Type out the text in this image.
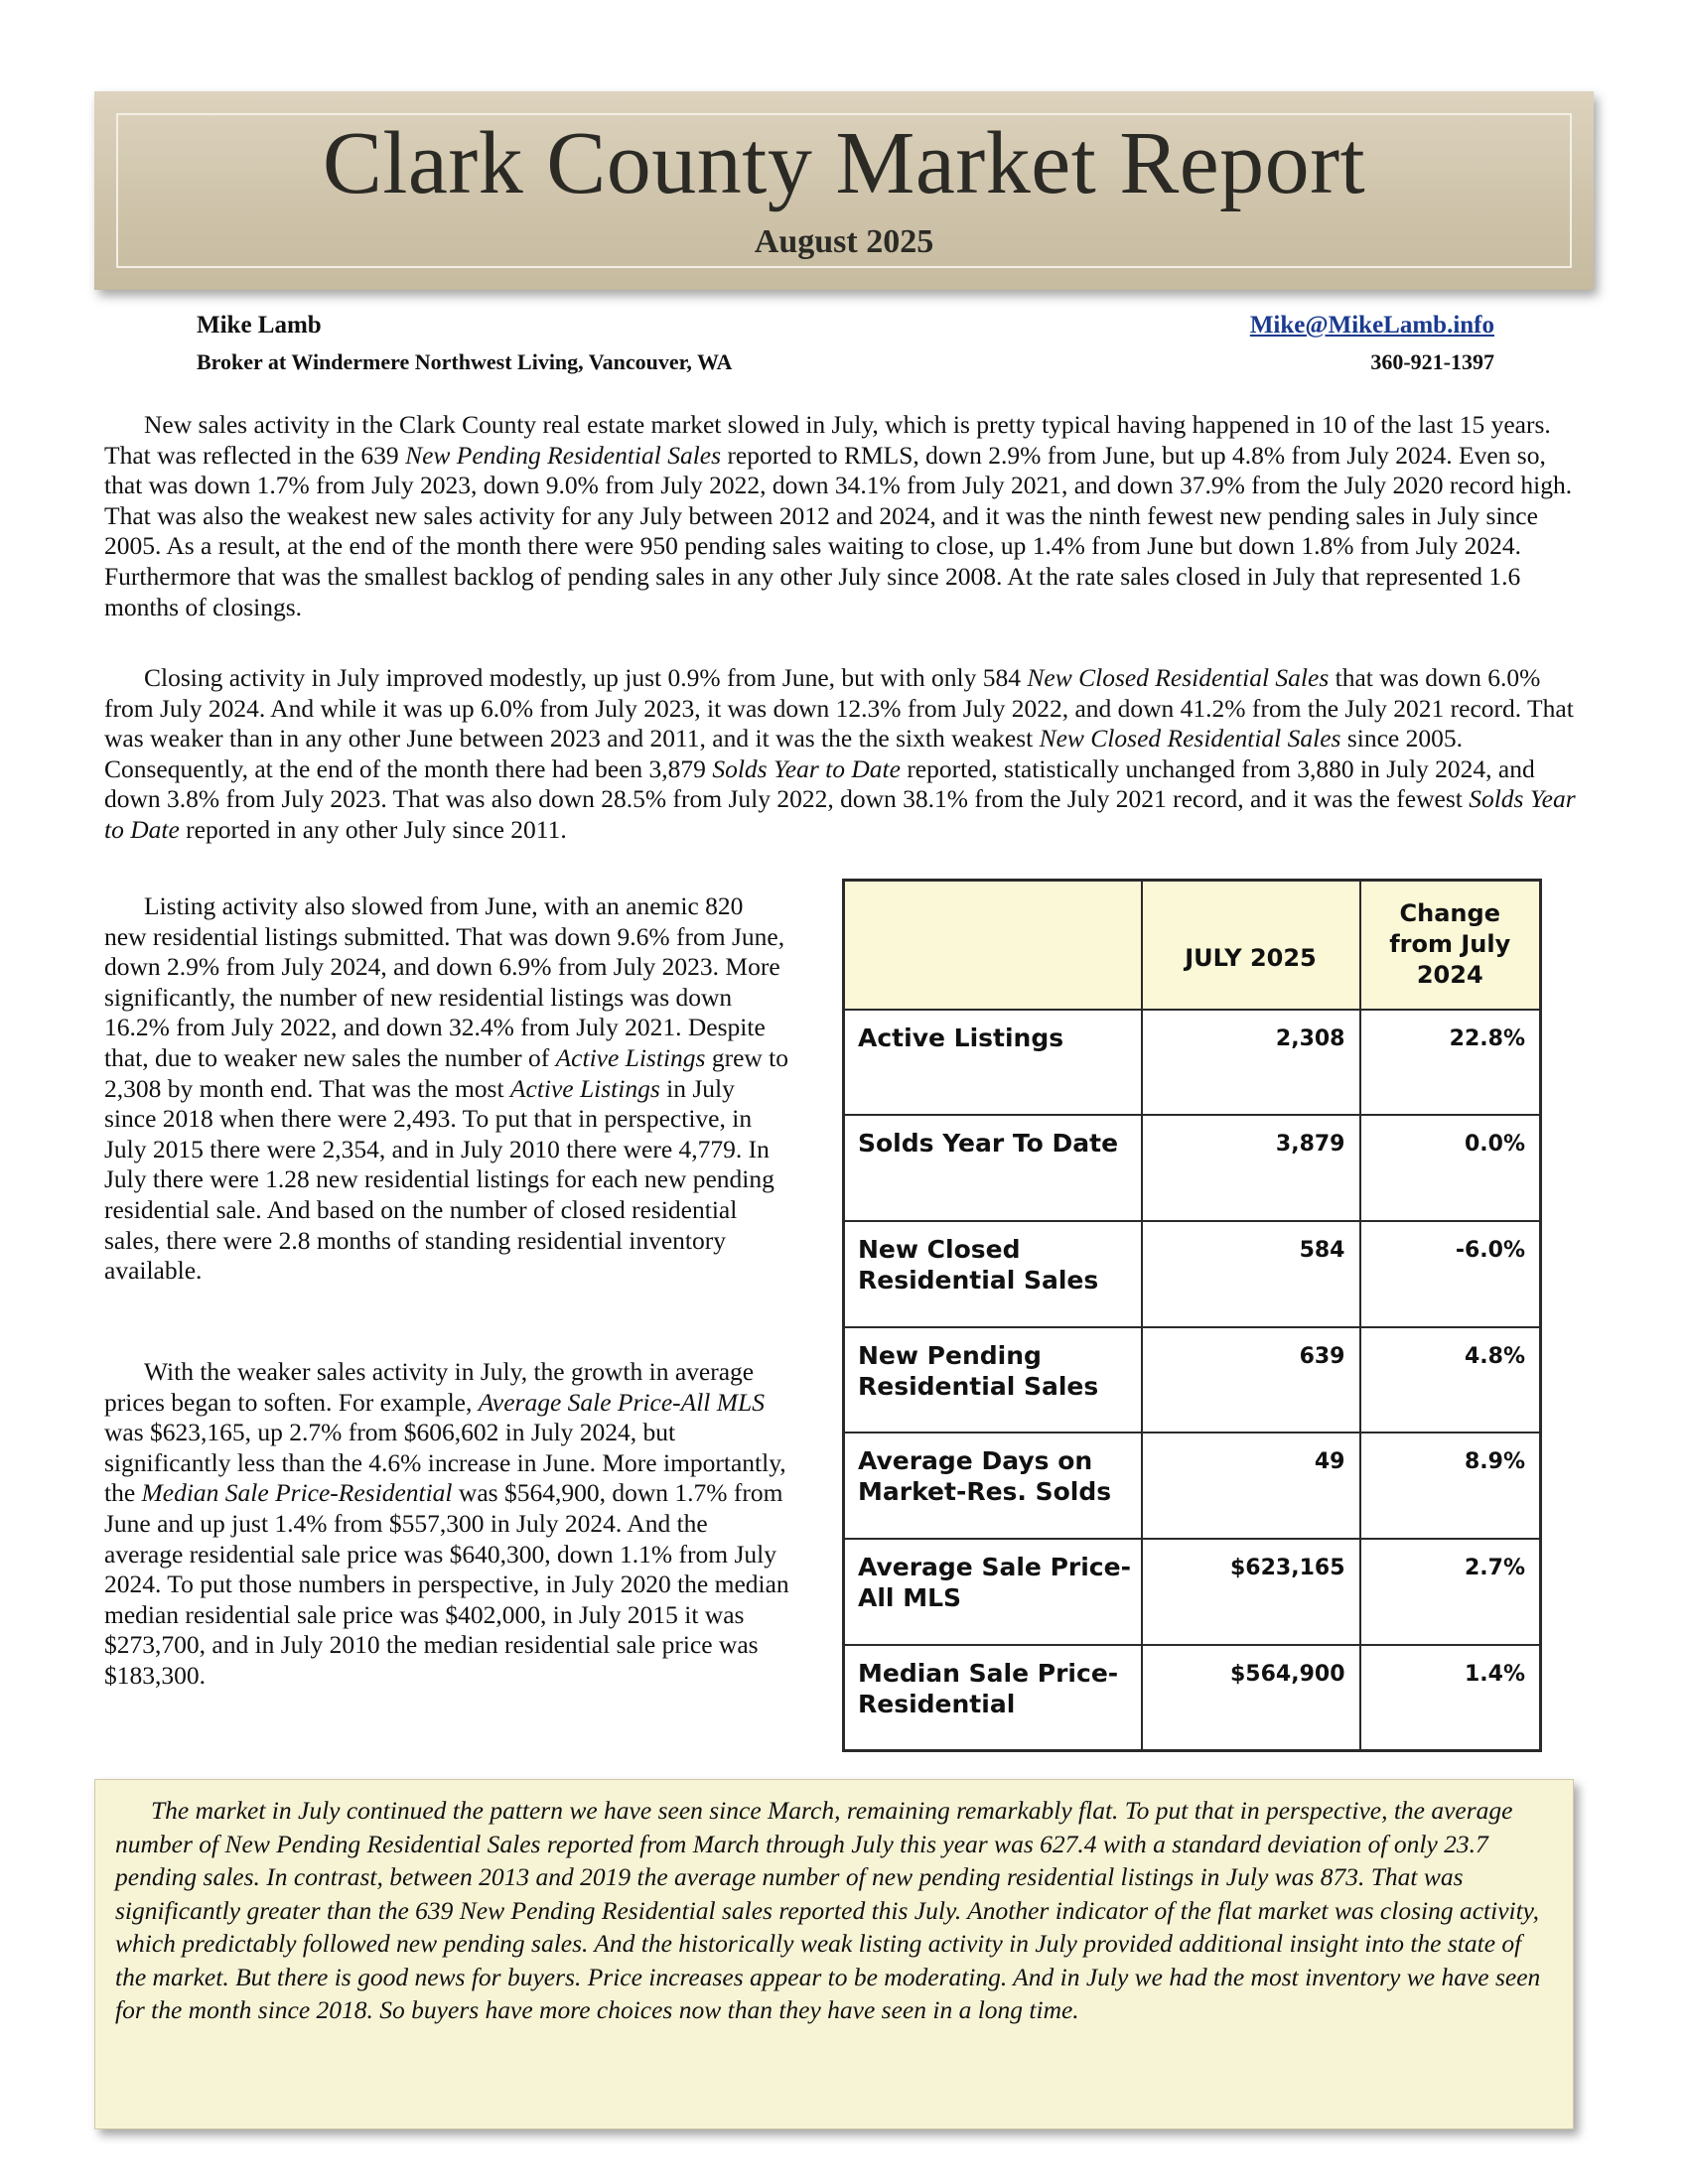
Clark County Market Report
August 2025
Mike Lamb
Broker at Windermere Northwest Living, Vancouver, WA
Mike@MikeLamb.info
360-921-1397

New sales activity in the Clark County real estate market slowed in July, which is pretty typical having happened in 10 of the last 15 years. That was reflected in the 639 New Pending Residential Sales reported to RMLS, down 2.9% from June, but up 4.8% from July 2024. Even so, that was down 1.7% from July 2023, down 9.0% from July 2022, down 34.1% from July 2021, and down 37.9% from the July 2020 record high. That was also the weakest new sales activity for any July between 2012 and 2024, and it was the ninth fewest new pending sales in July since 2005. As a result, at the end of the month there were 950 pending sales waiting to close, up 1.4% from June but down 1.8% from July 2024. Furthermore that was the smallest backlog of pending sales in any other July since 2008. At the rate sales closed in July that represented 1.6 months of closings.

Closing activity in July improved modestly, up just 0.9% from June, but with only 584 New Closed Residential Sales that was down 6.0% from July 2024. And while it was up 6.0% from July 2023, it was down 12.3% from July 2022, and down 41.2% from the July 2021 record. That was weaker than in any other June between 2023 and 2011, and it was the the sixth weakest New Closed Residential Sales since 2005. Consequently, at the end of the month there had been 3,879 Solds Year to Date reported, statistically unchanged from 3,880 in July 2024, and down 3.8% from July 2023. That was also down 28.5% from July 2022, down 38.1% from the July 2021 record, and it was the fewest Solds Year to Date reported in any other July since 2011.

Listing activity also slowed from June, with an anemic 820 new residential listings submitted. That was down 9.6% from June, down 2.9% from July 2024, and down 6.9% from July 2023. More significantly, the number of new residential listings was down 16.2% from July 2022, and down 32.4% from July 2021. Despite that, due to weaker new sales the number of Active Listings grew to 2,308 by month end. That was the most Active Listings in July since 2018 when there were 2,493. To put that in perspective, in July 2015 there were 2,354, and in July 2010 there were 4,779. In July there were 1.28 new residential listings for each new pending residential sale. And based on the number of closed residential sales, there were 2.8 months of standing residential inventory available.

With the weaker sales activity in July, the growth in average prices began to soften. For example, Average Sale Price-All MLS was $623,165, up 2.7% from $606,602 in July 2024, but significantly less than the 4.6% increase in June. More importantly, the Median Sale Price-Residential was $564,900, down 1.7% from June and up just 1.4% from $557,300 in July 2024. And the average residential sale price was $640,300, down 1.1% from July 2024. To put those numbers in perspective, in July 2020 the median median residential sale price was $402,000, in July 2015 it was $273,700, and in July 2010 the median residential sale price was $183,300.

	JULY 2025	Change from July 2024
Active Listings	2,308	22.8%
Solds Year To Date	3,879	0.0%
New Closed Residential Sales	584	-6.0%
New Pending Residential Sales	639	4.8%
Average Days on Market-Res. Solds	49	8.9%
Average Sale Price- All MLS	$623,165	2.7%
Median Sale Price-Residential	$564,900	1.4%

The market in July continued the pattern we have seen since March, remaining remarkably flat. To put that in perspective, the average number of New Pending Residential Sales reported from March through July this year was 627.4 with a standard deviation of only 23.7 pending sales. In contrast, between 2013 and 2019 the average number of new pending residential listings in July was 873. That was significantly greater than the 639 New Pending Residential sales reported this July. Another indicator of the flat market was closing activity, which predictably followed new pending sales. And the historically weak listing activity in July provided additional insight into the state of the market. But there is good news for buyers. Price increases appear to be moderating. And in July we had the most inventory we have seen for the month since 2018. So buyers have more choices now than they have seen in a long time.
